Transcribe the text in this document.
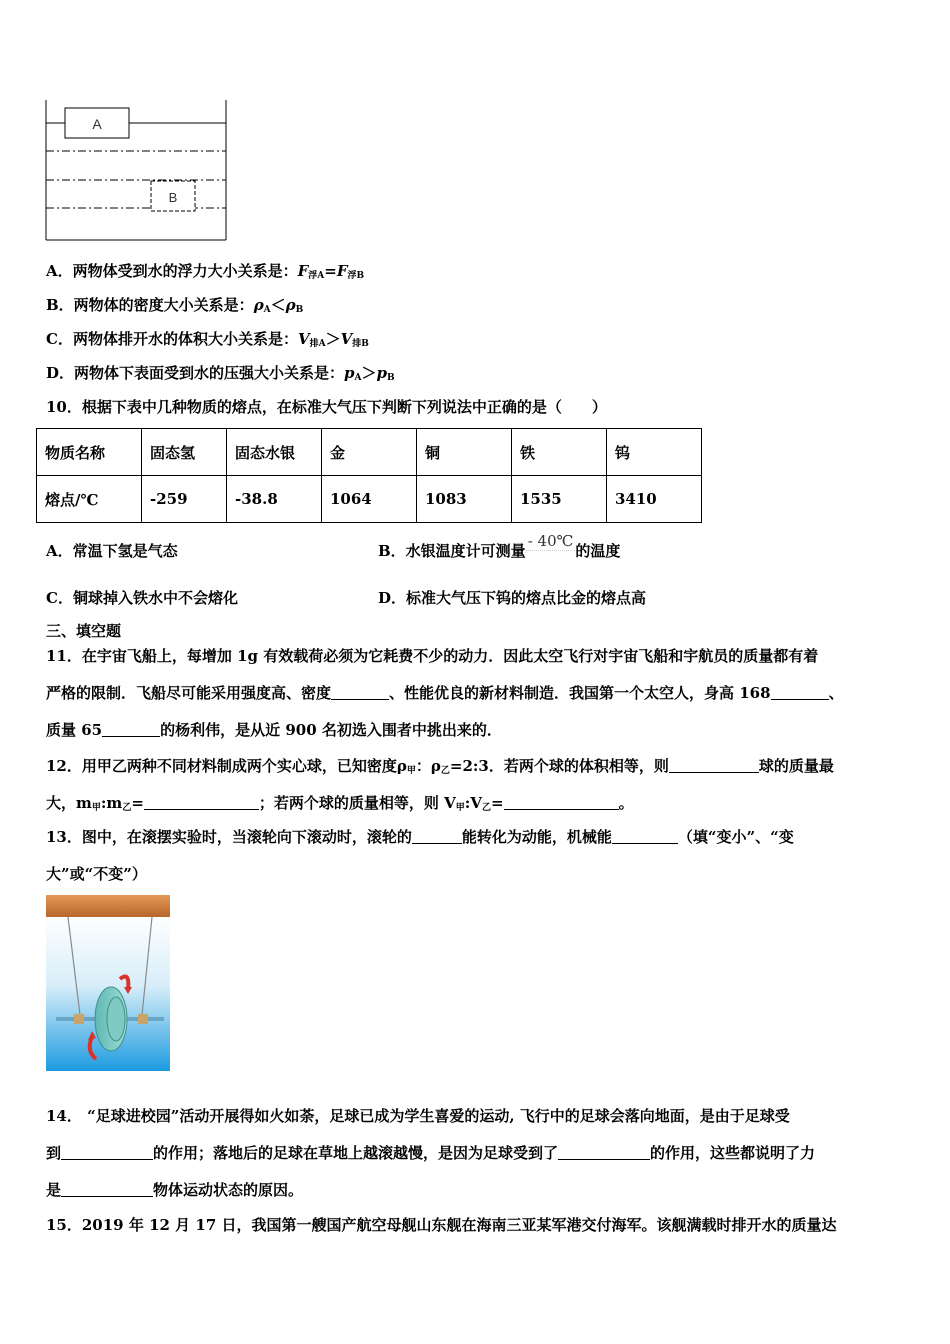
A
B
A．两物体受到水的浮力大小关系是：$F_{浮A}=F_{浮B}$
B．两物体的密度大小关系是：$\rho_A<\rho_B$
C．两物体排开水的体积大小关系是：$V_{排A}>V_{排B}$
D．两物体下表面受到水的压强大小关系是：$p_A>p_B$
10．根据下表中几种物质的熔点，在标准大气压下判断下列说法中正确的是（　　）
物质名称	固态氢	固态水银	金	铜	铁	钨
熔点/℃	-259	-38.8	1064	1083	1535	3410
A．常温下氢是气态	B．水银温度计可测量- 40℃的温度
C．铜球掉入铁水中不会熔化	D．标准大气压下钨的熔点比金的熔点高
三、填空题
11．在宇宙飞船上，每增加 1g 有效载荷必须为它耗费不少的动力．因此太空飞行对宇宙飞船和宇航员的质量都有着
严格的限制．飞船尽可能采用强度高、密度	、性能优良的新材料制造．我国第一个太空人，身高 168	、
质量 65	的杨利伟，是从近 900 名初选入围者中挑出来的．
12．用甲乙两种不同材料制成两个实心球，已知密度$\rho_甲$：$\rho_乙=2:3$．若两个球的体积相等，则	球的质量最
大，$m_甲:m_乙=$	；若两个球的质量相等，则 $V_甲:V_乙=$	。
13．图中，在滚摆实验时，当滚轮向下滚动时，滚轮的	能转化为动能，机械能	（填“变小”、“变
大”或“不变”）
14． “足球进校园”活动开展得如火如荼，足球已成为学生喜爱的运动, 飞行中的足球会落向地面，是由于足球受
到	的作用；落地后的足球在草地上越滚越慢，是因为足球受到了	的作用，这些都说明了力
是	物体运动状态的原因。
15．2019 年 12 月 17 日，我国第一艘国产航空母舰山东舰在海南三亚某军港交付海军。该舰满载时排开水的质量达
